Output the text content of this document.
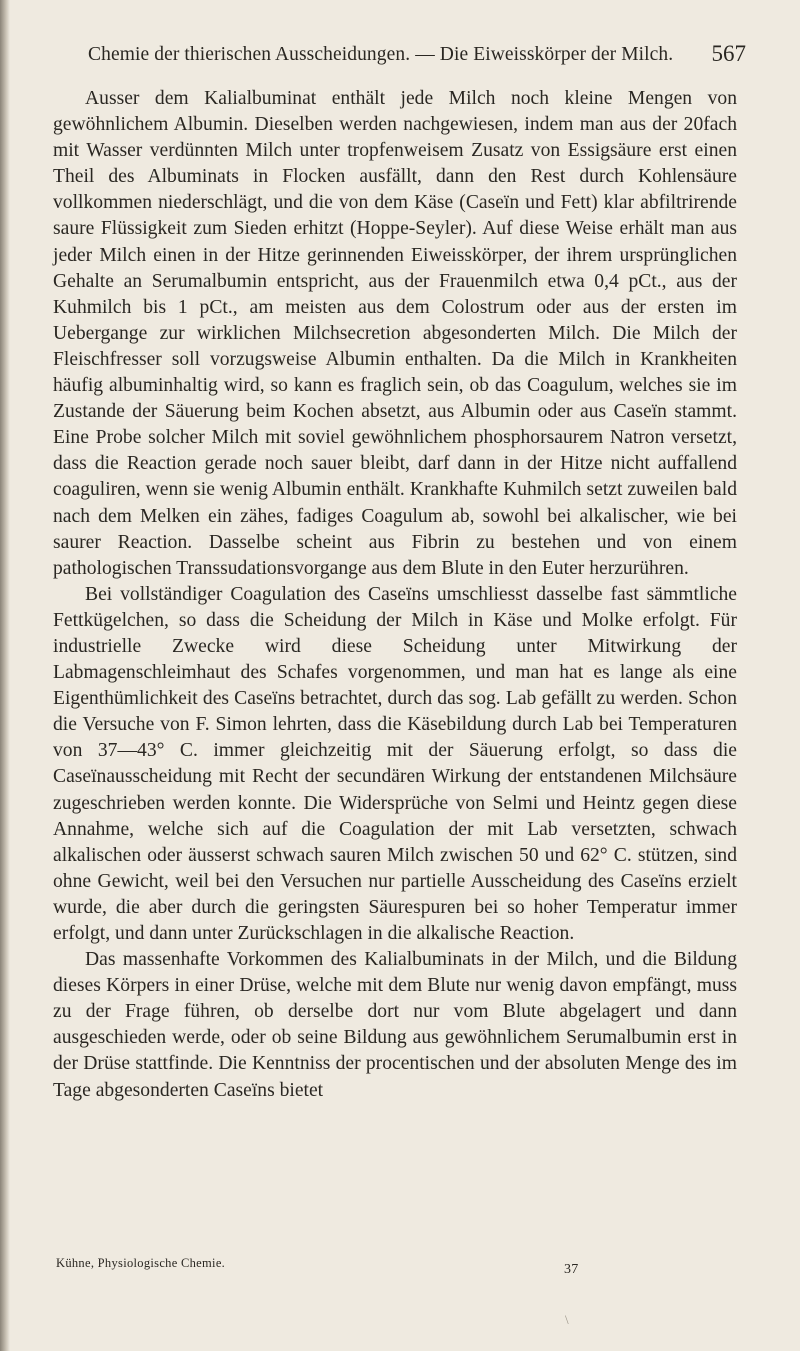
Chemie der thierischen Ausscheidungen. — Die Eiweisskörper der Milch. 567

Ausser dem Kalialbuminat enthält jede Milch noch kleine Mengen von gewöhnlichem Albumin. Dieselben werden nachgewiesen, indem man aus der 20fach mit Wasser verdünnten Milch unter tropfenweisem Zusatz von Essigsäure erst einen Theil des Albuminats in Flocken ausfällt, dann den Rest durch Kohlensäure vollkommen niederschlägt, und die von dem Käse (Caseïn und Fett) klar abfiltrirende saure Flüssigkeit zum Sieden erhitzt (Hoppe-Seyler). Auf diese Weise erhält man aus jeder Milch einen in der Hitze gerinnenden Eiweisskörper, der ihrem ursprünglichen Gehalte an Serumalbumin entspricht, aus der Frauenmilch etwa 0,4 pCt., aus der Kuhmilch bis 1 pCt., am meisten aus dem Colostrum oder aus der ersten im Uebergange zur wirklichen Milchsecretion abgesonderten Milch. Die Milch der Fleischfresser soll vorzugsweise Albumin enthalten. Da die Milch in Krankheiten häufig albuminhaltig wird, so kann es fraglich sein, ob das Coagulum, welches sie im Zustande der Säuerung beim Kochen absetzt, aus Albumin oder aus Caseïn stammt. Eine Probe solcher Milch mit soviel gewöhnlichem phosphorsaurem Natron versetzt, dass die Reaction gerade noch sauer bleibt, darf dann in der Hitze nicht auffallend coaguliren, wenn sie wenig Albumin enthält. Krankhafte Kuhmilch setzt zuweilen bald nach dem Melken ein zähes, fadiges Coagulum ab, sowohl bei alkalischer, wie bei saurer Reaction. Dasselbe scheint aus Fibrin zu bestehen und von einem pathologischen Transsudationsvorgange aus dem Blute in den Euter herzurühren.

Bei vollständiger Coagulation des Caseïns umschliesst dasselbe fast sämmtliche Fettkügelchen, so dass die Scheidung der Milch in Käse und Molke erfolgt. Für industrielle Zwecke wird diese Scheidung unter Mitwirkung der Labmagenschleimhaut des Schafes vorgenommen, und man hat es lange als eine Eigenthümlichkeit des Caseïns betrachtet, durch das sog. Lab gefällt zu werden. Schon die Versuche von F. Simon lehrten, dass die Käsebildung durch Lab bei Temperaturen von 37—43° C. immer gleichzeitig mit der Säuerung erfolgt, so dass die Caseïnausscheidung mit Recht der secundären Wirkung der entstandenen Milchsäure zugeschrieben werden konnte. Die Widersprüche von Selmi und Heintz gegen diese Annahme, welche sich auf die Coagulation der mit Lab versetzten, schwach alkalischen oder äusserst schwach sauren Milch zwischen 50 und 62° C. stützen, sind ohne Gewicht, weil bei den Versuchen nur partielle Ausscheidung des Caseïns erzielt wurde, die aber durch die geringsten Säurespuren bei so hoher Temperatur immer erfolgt, und dann unter Zurückschlagen in die alkalische Reaction.

Das massenhafte Vorkommen des Kalialbuminats in der Milch, und die Bildung dieses Körpers in einer Drüse, welche mit dem Blute nur wenig davon empfängt, muss zu der Frage führen, ob derselbe dort nur vom Blute abgelagert und dann ausgeschieden werde, oder ob seine Bildung aus gewöhnlichem Serumalbumin erst in der Drüse stattfinde. Die Kenntniss der procentischen und der absoluten Menge des im Tage abgesonderten Caseïns bietet

Kühne, Physiologische Chemie.	37
\
